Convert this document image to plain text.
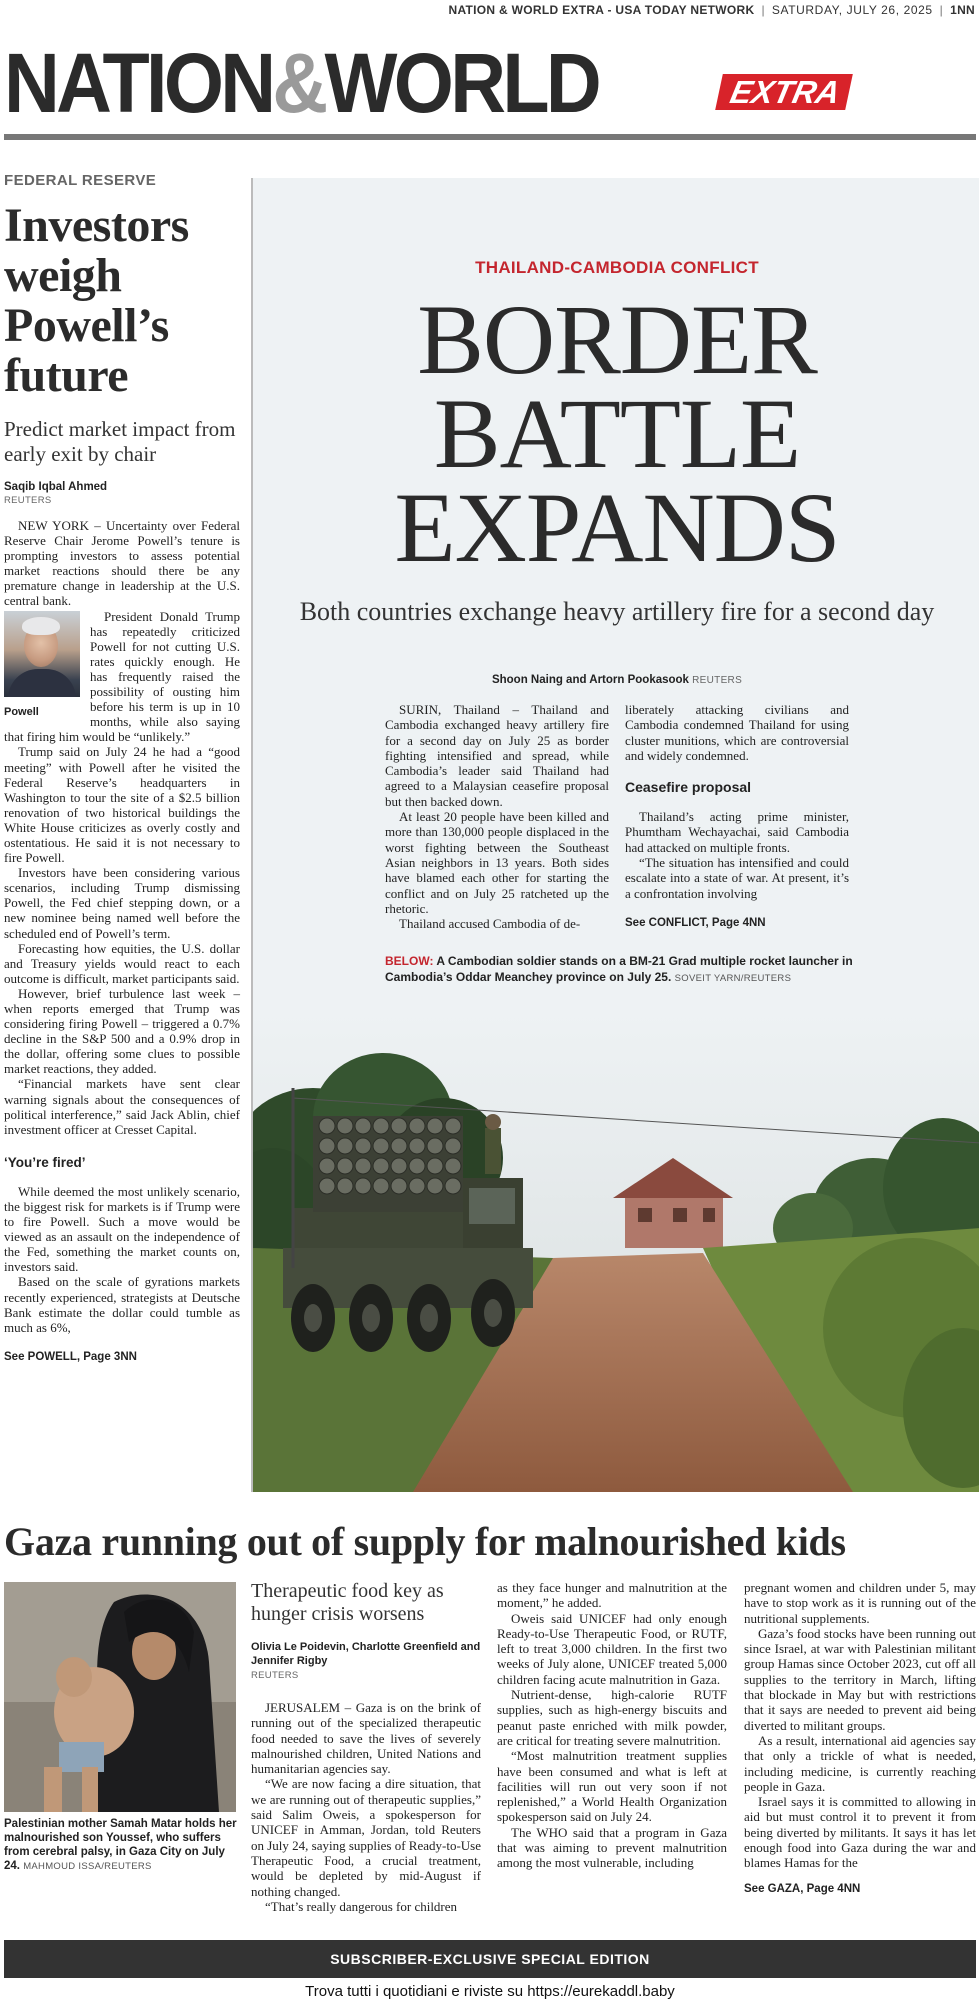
NATION & WORLD EXTRA - USA TODAY NETWORK | SATURDAY, JULY 26, 2025 | 1NN
NATION&WORLD	EXTRA
FEDERAL RESERVE
Investors weigh Powell’s future
Predict market impact from early exit by chair
Saqib Iqbal Ahmed
REUTERS

NEW YORK – Uncertainty over Federal Reserve Chair Jerome Powell’s tenure is prompting investors to assess potential market reactions should there be any premature change in leadership at the U.S. central bank.

Powell

President Donald Trump has repeatedly criticized Powell for not cutting U.S. rates quickly enough. He has frequently raised the possibility of ousting him before his term is up in 10 months, while also saying that firing him would be “unlikely.”

Trump said on July 24 he had a “good meeting” with Powell after he visited the Federal Reserve’s headquarters in Washington to tour the site of a $2.5 billion renovation of two historical buildings the White House criticizes as overly costly and ostentatious. He said it is not necessary to fire Powell.

Investors have been considering various scenarios, including Trump dismissing Powell, the Fed chief stepping down, or a new nominee being named well before the scheduled end of Powell’s term.

Forecasting how equities, the U.S. dollar and Treasury yields would react to each outcome is difficult, market participants said.

However, brief turbulence last week – when reports emerged that Trump was considering firing Powell – triggered a 0.7% decline in the S&P 500 and a 0.9% drop in the dollar, offering some clues to possible market reactions, they added.

“Financial markets have sent clear warning signals about the consequences of political interference,” said Jack Ablin, chief investment officer at Cresset Capital.

‘You’re fired’

While deemed the most unlikely scenario, the biggest risk for markets is if Trump were to fire Powell. Such a move would be viewed as an assault on the independence of the Fed, something the market counts on, investors said.

Based on the scale of gyrations markets recently experienced, strategists at Deutsche Bank estimate the dollar could tumble as much as 6%,

See POWELL, Page 3NN
THAILAND-CAMBODIA CONFLICT
BORDER
BATTLE
EXPANDS
Both countries exchange heavy artillery fire for a second day
Shoon Naing and Artorn Pookasook REUTERS

SURIN, Thailand – Thailand and Cambodia exchanged heavy artillery fire for a second day on July 25 as border fighting intensified and spread, while Cambodia’s leader said Thailand had agreed to a Malaysian ceasefire proposal but then backed down.

At least 20 people have been killed and more than 130,000 people displaced in the worst fighting between the Southeast Asian neighbors in 13 years. Both sides have blamed each other for starting the conflict and on July 25 ratcheted up the rhetoric.

Thailand accused Cambodia of de-

liberately attacking civilians and Cambodia condemned Thailand for using cluster munitions, which are controversial and widely condemned.

Ceasefire proposal

Thailand’s acting prime minister, Phumtham Wechayachai, said Cambodia had attacked on multiple fronts.

“The situation has intensified and could escalate into a state of war. At present, it’s a confrontation involving

See CONFLICT, Page 4NN
BELOW: A Cambodian soldier stands on a BM-21 Grad multiple rocket launcher in Cambodia’s Oddar Meanchey province on July 25. SOVEIT YARN/REUTERS
Gaza running out of supply for malnourished kids
Palestinian mother Samah Matar holds her malnourished son Youssef, who suffers from cerebral palsy, in Gaza City on July 24. MAHMOUD ISSA/REUTERS
Therapeutic food key as hunger crisis worsens
Olivia Le Poidevin, Charlotte Greenfield and Jennifer Rigby
REUTERS

JERUSALEM – Gaza is on the brink of running out of the specialized therapeutic food needed to save the lives of severely malnourished children, United Nations and humanitarian agencies say.

“We are now facing a dire situation, that we are running out of therapeutic supplies,” said Salim Oweis, a spokesperson for UNICEF in Amman, Jordan, told Reuters on July 24, saying supplies of Ready-to-Use Therapeutic Food, a crucial treatment, would be depleted by mid-August if nothing changed.

“That’s really dangerous for children

as they face hunger and malnutrition at the moment,” he added.

Oweis said UNICEF had only enough Ready-to-Use Therapeutic Food, or RUTF, left to treat 3,000 children. In the first two weeks of July alone, UNICEF treated 5,000 children facing acute malnutrition in Gaza.

Nutrient-dense, high-calorie RUTF supplies, such as high-energy biscuits and peanut paste enriched with milk powder, are critical for treating severe malnutrition.

“Most malnutrition treatment supplies have been consumed and what is left at facilities will run out very soon if not replenished,” a World Health Organization spokesperson said on July 24.

The WHO said that a program in Gaza that was aiming to prevent malnutrition among the most vulnerable, including

pregnant women and children under 5, may have to stop work as it is running out of the nutritional supplements.

Gaza’s food stocks have been running out since Israel, at war with Palestinian militant group Hamas since October 2023, cut off all supplies to the territory in March, lifting that blockade in May but with restrictions that it says are needed to prevent aid being diverted to militant groups.

As a result, international aid agencies say that only a trickle of what is needed, including medicine, is currently reaching people in Gaza.

Israel says it is committed to allowing in aid but must control it to prevent it from being diverted by militants. It says it has let enough food into Gaza during the war and blames Hamas for the

See GAZA, Page 4NN
SUBSCRIBER-EXCLUSIVE SPECIAL EDITION
Trova tutti i quotidiani e riviste su https://eurekaddl.baby
